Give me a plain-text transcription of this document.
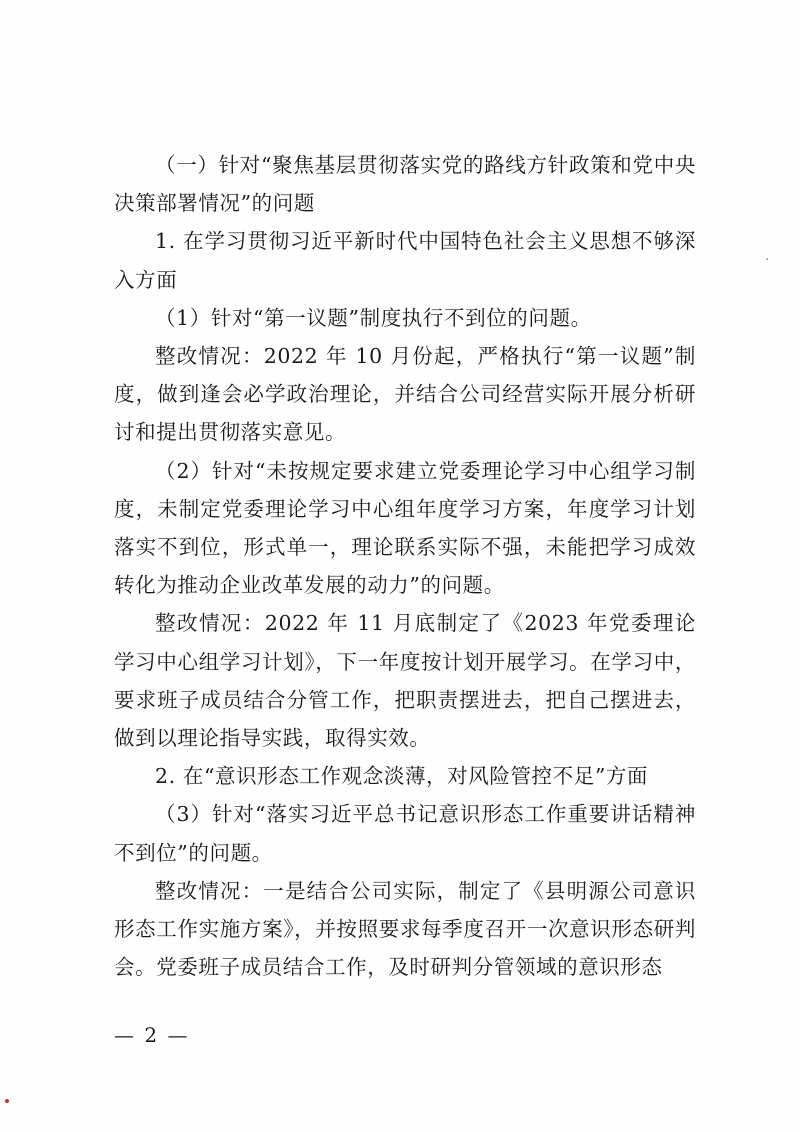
（一）针对“聚焦基层贯彻落实党的路线方针政策和党中央决策部署情况”的问题

1. 在学习贯彻习近平新时代中国特色社会主义思想不够深入方面

（1）针对“第一议题”制度执行不到位的问题。

整改情况：2022 年 10 月份起，严格执行“第一议题”制度，做到逢会必学政治理论，并结合公司经营实际开展分析研讨和提出贯彻落实意见。

（2）针对“未按规定要求建立党委理论学习中心组学习制度，未制定党委理论学习中心组年度学习方案，年度学习计划落实不到位，形式单一，理论联系实际不强，未能把学习成效转化为推动企业改革发展的动力”的问题。

整改情况：2022 年 11 月底制定了《2023 年党委理论学习中心组学习计划》，下一年度按计划开展学习。在学习中，要求班子成员结合分管工作，把职责摆进去，把自己摆进去，做到以理论指导实践，取得实效。

2. 在“意识形态工作观念淡薄，对风险管控不足”方面

（3）针对“落实习近平总书记意识形态工作重要讲话精神不到位”的问题。

整改情况：一是结合公司实际，制定了《县明源公司意识形态工作实施方案》，并按照要求每季度召开一次意识形态研判会。党委班子成员结合工作，及时研判分管领域的意识形态

— 2 —
